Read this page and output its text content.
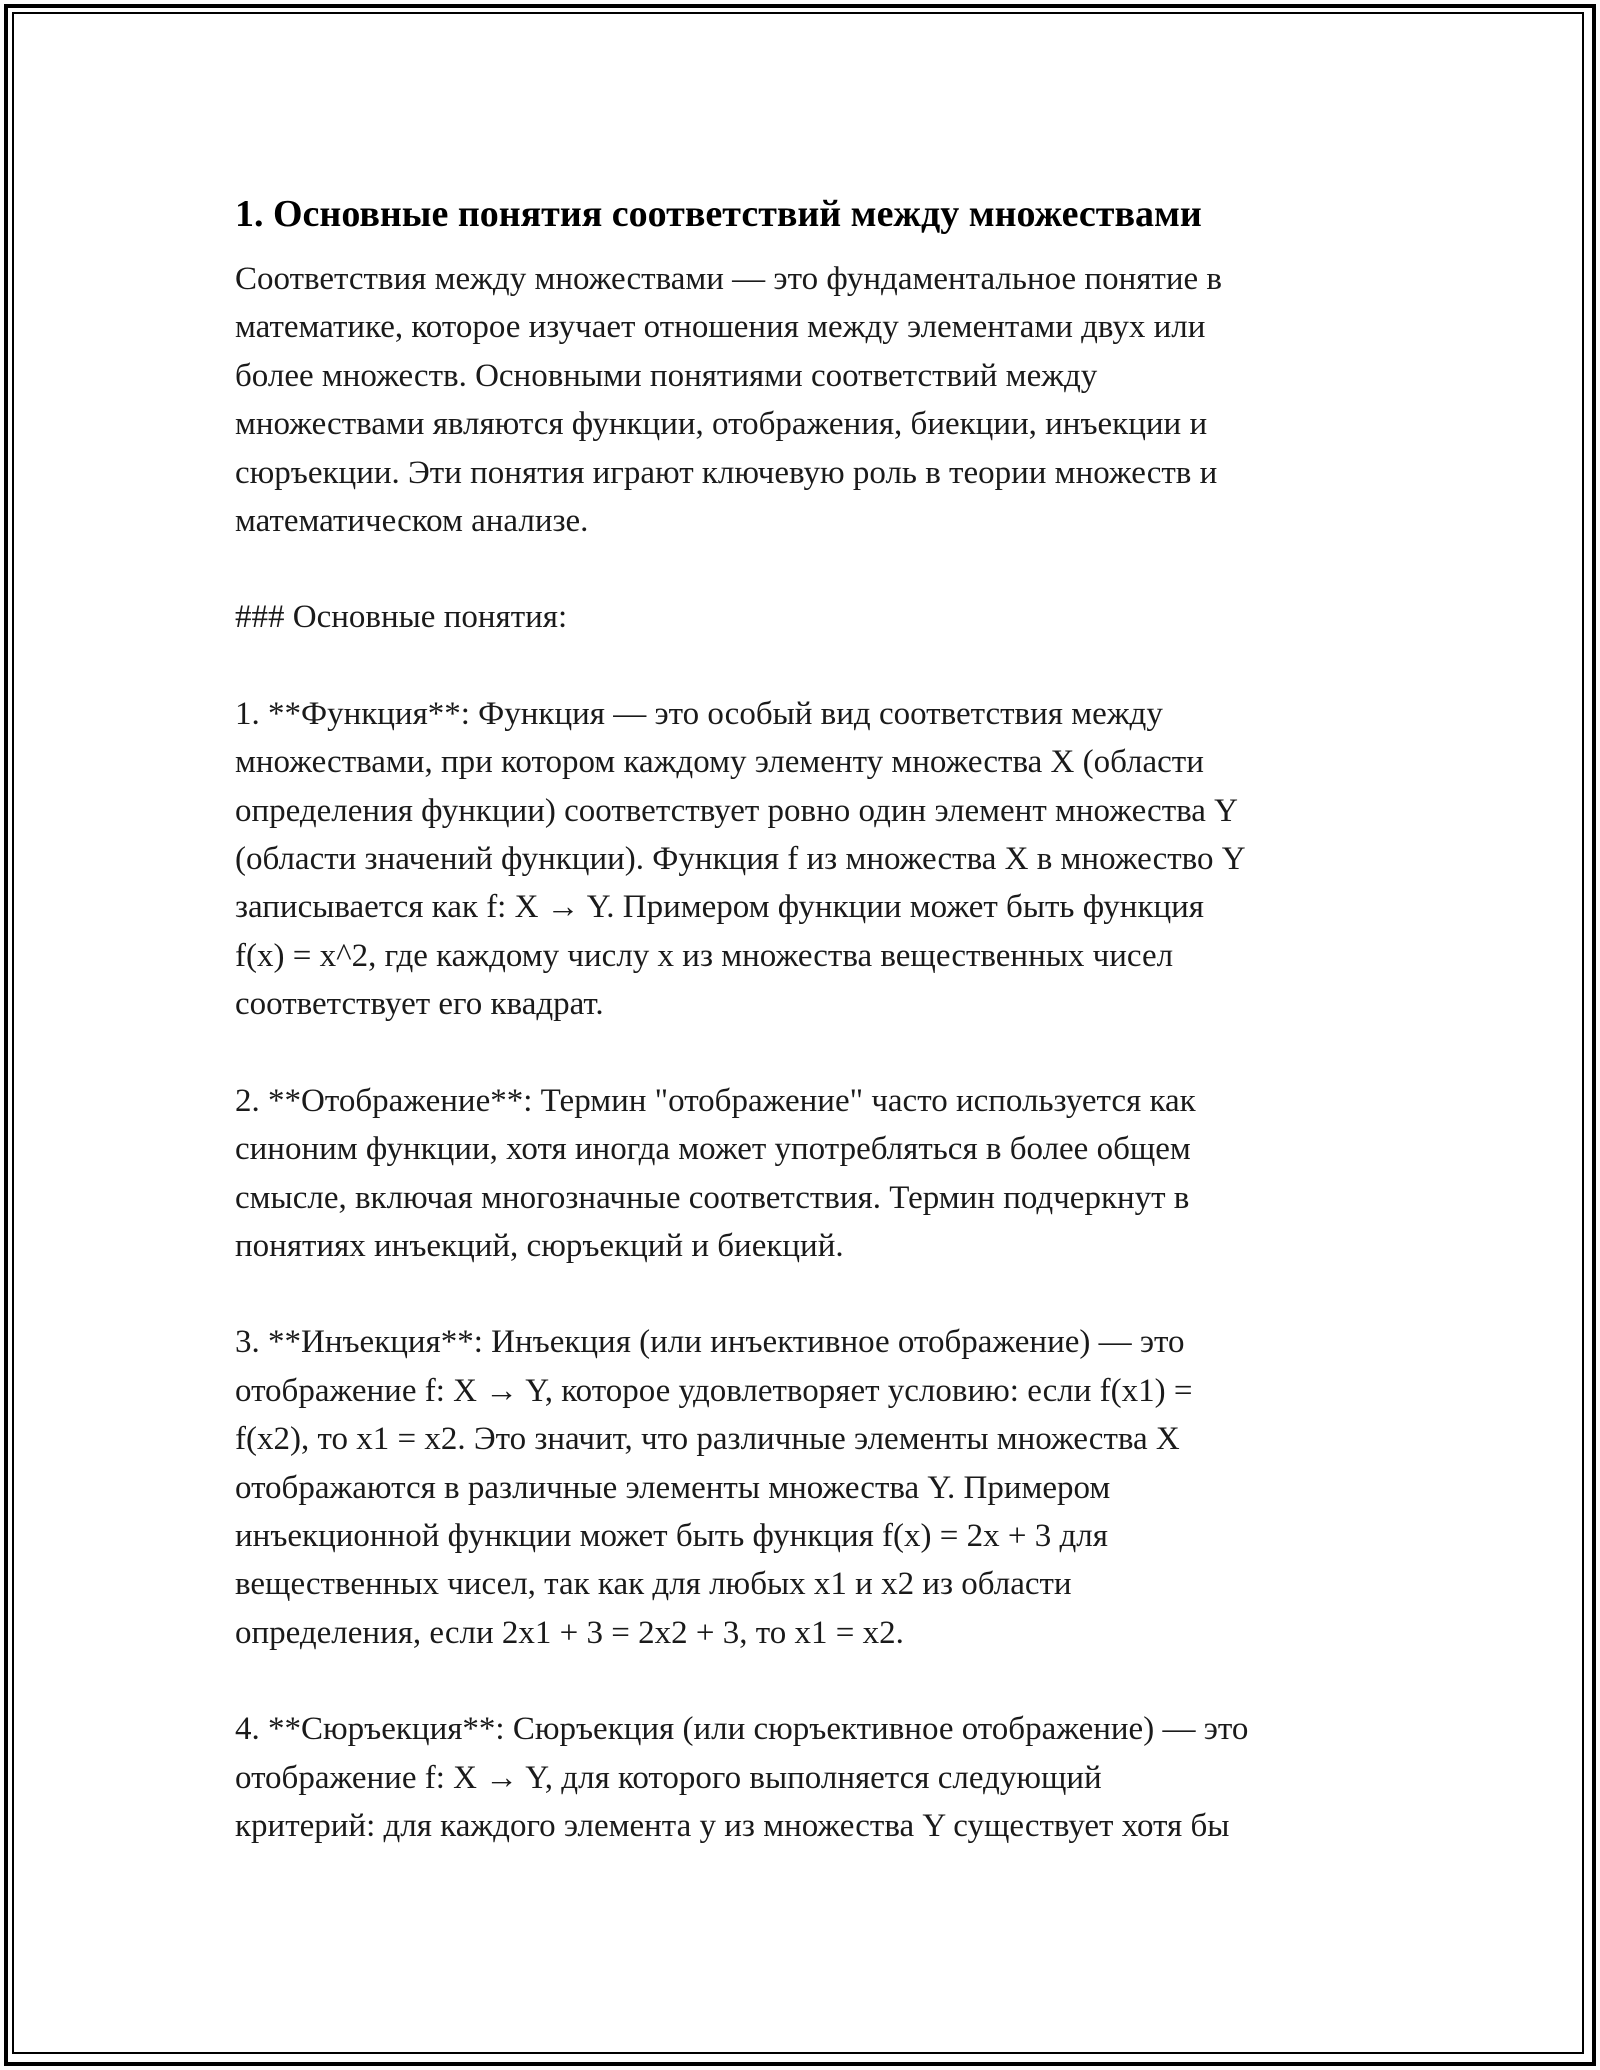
1. Основные понятия соответствий между множествами

Соответствия между множествами — это фундаментальное понятие в
математике, которое изучает отношения между элементами двух или
более множеств. Основными понятиями соответствий между
множествами являются функции, отображения, биекции, инъекции и
сюръекции. Эти понятия играют ключевую роль в теории множеств и
математическом анализе.

### Основные понятия:

1. **Функция**: Функция — это особый вид соответствия между
множествами, при котором каждому элементу множества X (области
определения функции) соответствует ровно один элемент множества Y
(области значений функции). Функция f из множества X в множество Y
записывается как f: X → Y. Примером функции может быть функция
f(x) = x^2, где каждому числу x из множества вещественных чисел
соответствует его квадрат.

2. **Отображение**: Термин "отображение" часто используется как
синоним функции, хотя иногда может употребляться в более общем
смысле, включая многозначные соответствия. Термин подчеркнут в
понятиях инъекций, сюръекций и биекций.

3. **Инъекция**: Инъекция (или инъективное отображение) — это
отображение f: X → Y, которое удовлетворяет условию: если f(x1) =
f(x2), то x1 = x2. Это значит, что различные элементы множества X
отображаются в различные элементы множества Y. Примером
инъекционной функции может быть функция f(x) = 2x + 3 для
вещественных чисел, так как для любых x1 и x2 из области
определения, если 2x1 + 3 = 2x2 + 3, то x1 = x2.

4. **Сюръекция**: Сюръекция (или сюръективное отображение) — это
отображение f: X → Y, для которого выполняется следующий
критерий: для каждого элемента y из множества Y существует хотя бы
